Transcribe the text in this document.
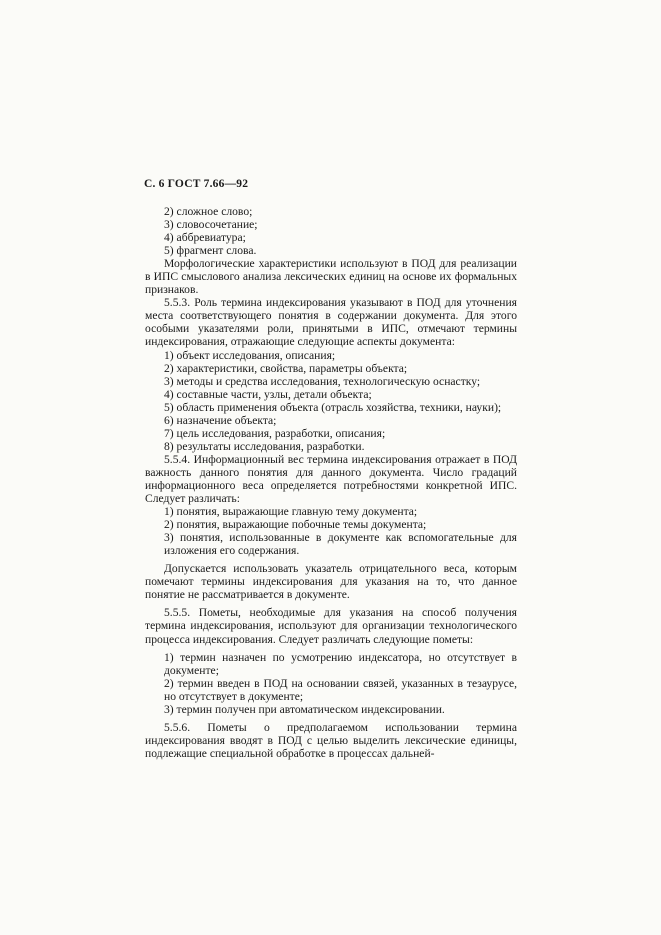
С. 6 ГОСТ 7.66—92

2) сложное слово;

3) словосочетание;

4) аббревиатура;

5) фрагмент слова.

Морфологические характеристики используют в ПОД для реализации в ИПС смыслового анализа лексических единиц на основе их формальных признаков.

5.5.3. Роль термина индексирования указывают в ПОД для уточнения места соответствующего понятия в содержании документа. Для этого особыми указателями роли, принятыми в ИПС, отмечают термины индексирования, отражающие следующие аспекты документа:

1) объект исследования, описания;

2) характеристики, свойства, параметры объекта;

3) методы и средства исследования, технологическую оснастку;

4) составные части, узлы, детали объекта;

5) область применения объекта (отрасль хозяйства, техники, науки);

6) назначение объекта;

7) цель исследования, разработки, описания;

8) результаты исследования, разработки.

5.5.4. Информационный вес термина индексирования отражает в ПОД важность данного понятия для данного документа. Число градаций информационного веса определяется потребностями конкретной ИПС. Следует различать:

1) понятия, выражающие главную тему документа;

2) понятия, выражающие побочные темы документа;

3) понятия, использованные в документе как вспомогательные для изложения его содержания.

Допускается использовать указатель отрицательного веса, которым помечают термины индексирования для указания на то, что данное понятие не рассматривается в документе.

5.5.5. Пометы, необходимые для указания на способ получения термина индексирования, используют для организации технологического процесса индексирования. Следует различать следующие пометы:

1) термин назначен по усмотрению индексатора, но отсутствует в документе;

2) термин введен в ПОД на основании связей, указанных в тезаурусе, но отсутствует в документе;

3) термин получен при автоматическом индексировании.

5.5.6. Пометы о предполагаемом использовании термина индексирования вводят в ПОД с целью выделить лексические единицы, подлежащие специальной обработке в процессах дальней-
